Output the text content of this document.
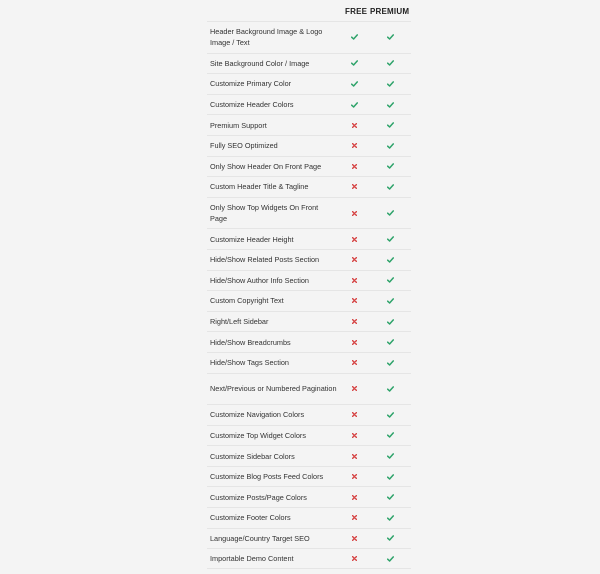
FREE PREMIUM
Header Background Image & Logo Image / Text
Site Background Color / Image
Customize Primary Color
Customize Header Colors
Premium Support
Fully SEO Optimized
Only Show Header On Front Page
Custom Header Title & Tagline
Only Show Top Widgets On Front Page
Customize Header Height
Hide/Show Related Posts Section
Hide/Show Author Info Section
Custom Copyright Text
Right/Left Sidebar
Hide/Show Breadcrumbs
Hide/Show Tags Section
Next/Previous or Numbered Pagination
Customize Navigation Colors
Customize Top Widget Colors
Customize Sidebar Colors
Customize Blog Posts Feed Colors
Customize Posts/Page Colors
Customize Footer Colors
Language/Country Target SEO
Importable Demo Content
